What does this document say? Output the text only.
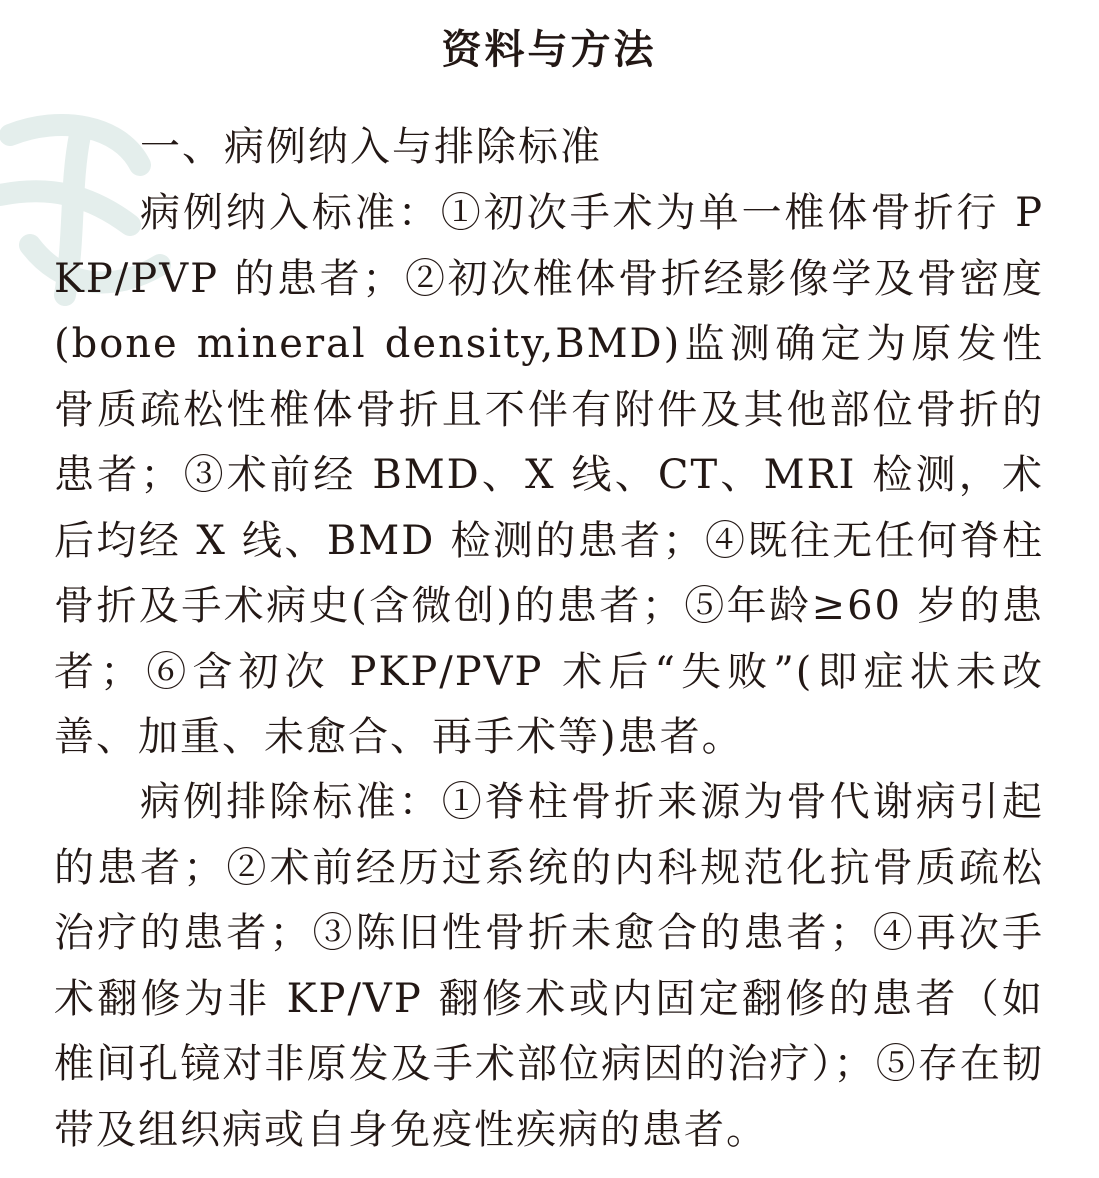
资料与方法
一、病例纳入与排除标准

病例纳入标准：①初次手术为单一椎体骨折行 PKP/PVP 的患者；②初次椎体骨折经影像学及骨密度(bone mineral density,BMD)监测确定为原发性骨质疏松性椎体骨折且不伴有附件及其他部位骨折的患者；③术前经 BMD、X 线、CT、MRI 检测，术后均经 X 线、BMD 检测的患者；④既往无任何脊柱骨折及手术病史(含微创)的患者；⑤年龄≥60 岁的患者；⑥含初次 PKP/PVP 术后“失败”(即症状未改善、加重、未愈合、再手术等)患者。

病例排除标准：①脊柱骨折来源为骨代谢病引起的患者；②术前经历过系统的内科规范化抗骨质疏松治疗的患者；③陈旧性骨折未愈合的患者；④再次手术翻修为非 KP/VP 翻修术或内固定翻修的患者（如椎间孔镜对非原发及手术部位病因的治疗）；⑤存在韧带及组织病或自身免疫性疾病的患者。
